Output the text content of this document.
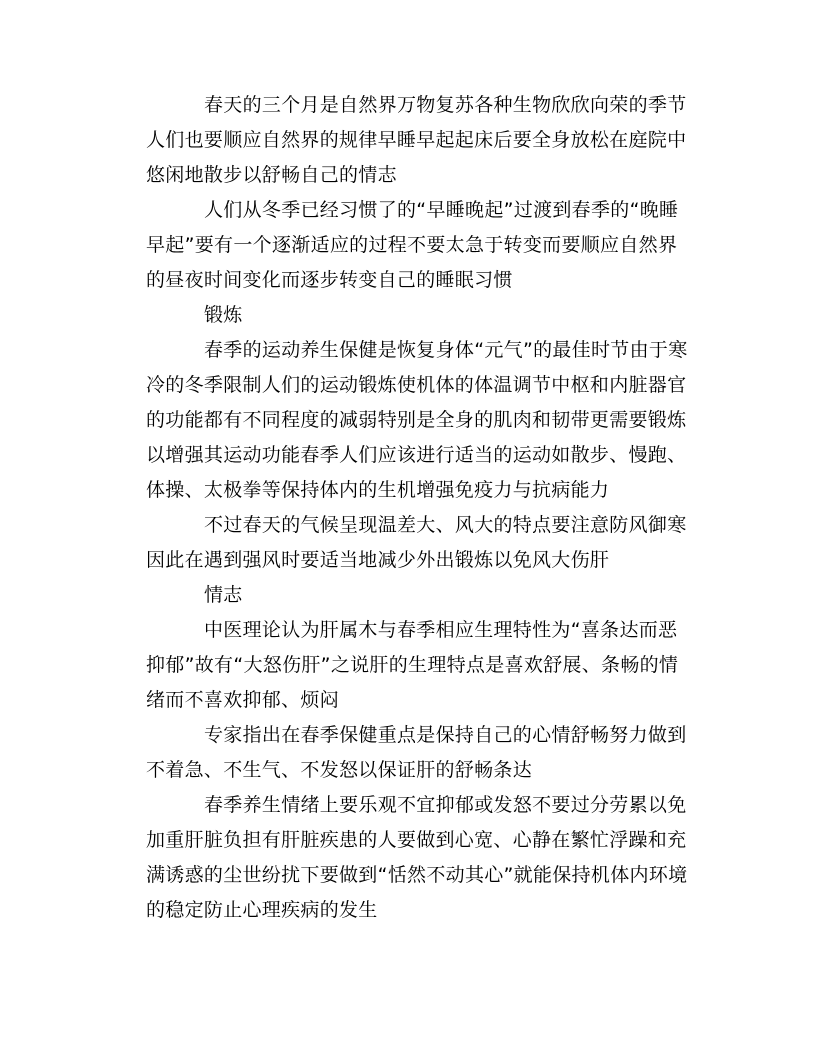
春天的三个月是自然界万物复苏各种生物欣欣向荣的季节人们也要顺应自然界的规律早睡早起起床后要全身放松在庭院中悠闲地散步以舒畅自己的情志

人们从冬季已经习惯了的“早睡晚起”过渡到春季的“晚睡早起”要有一个逐渐适应的过程不要太急于转变而要顺应自然界的昼夜时间变化而逐步转变自己的睡眠习惯

锻炼

春季的运动养生保健是恢复身体“元气”的最佳时节由于寒冷的冬季限制人们的运动锻炼使机体的体温调节中枢和内脏器官的功能都有不同程度的减弱特别是全身的肌肉和韧带更需要锻炼以增强其运动功能春季人们应该进行适当的运动如散步、慢跑、体操、太极拳等保持体内的生机增强免疫力与抗病能力

不过春天的气候呈现温差大、风大的特点要注意防风御寒因此在遇到强风时要适当地减少外出锻炼以免风大伤肝

情志

中医理论认为肝属木与春季相应生理特性为“喜条达而恶抑郁”故有“大怒伤肝”之说肝的生理特点是喜欢舒展、条畅的情绪而不喜欢抑郁、烦闷

专家指出在春季保健重点是保持自己的心情舒畅努力做到不着急、不生气、不发怒以保证肝的舒畅条达

春季养生情绪上要乐观不宜抑郁或发怒不要过分劳累以免加重肝脏负担有肝脏疾患的人要做到心宽、心静在繁忙浮躁和充满诱惑的尘世纷扰下要做到“恬然不动其心”就能保持机体内环境的稳定防止心理疾病的发生
